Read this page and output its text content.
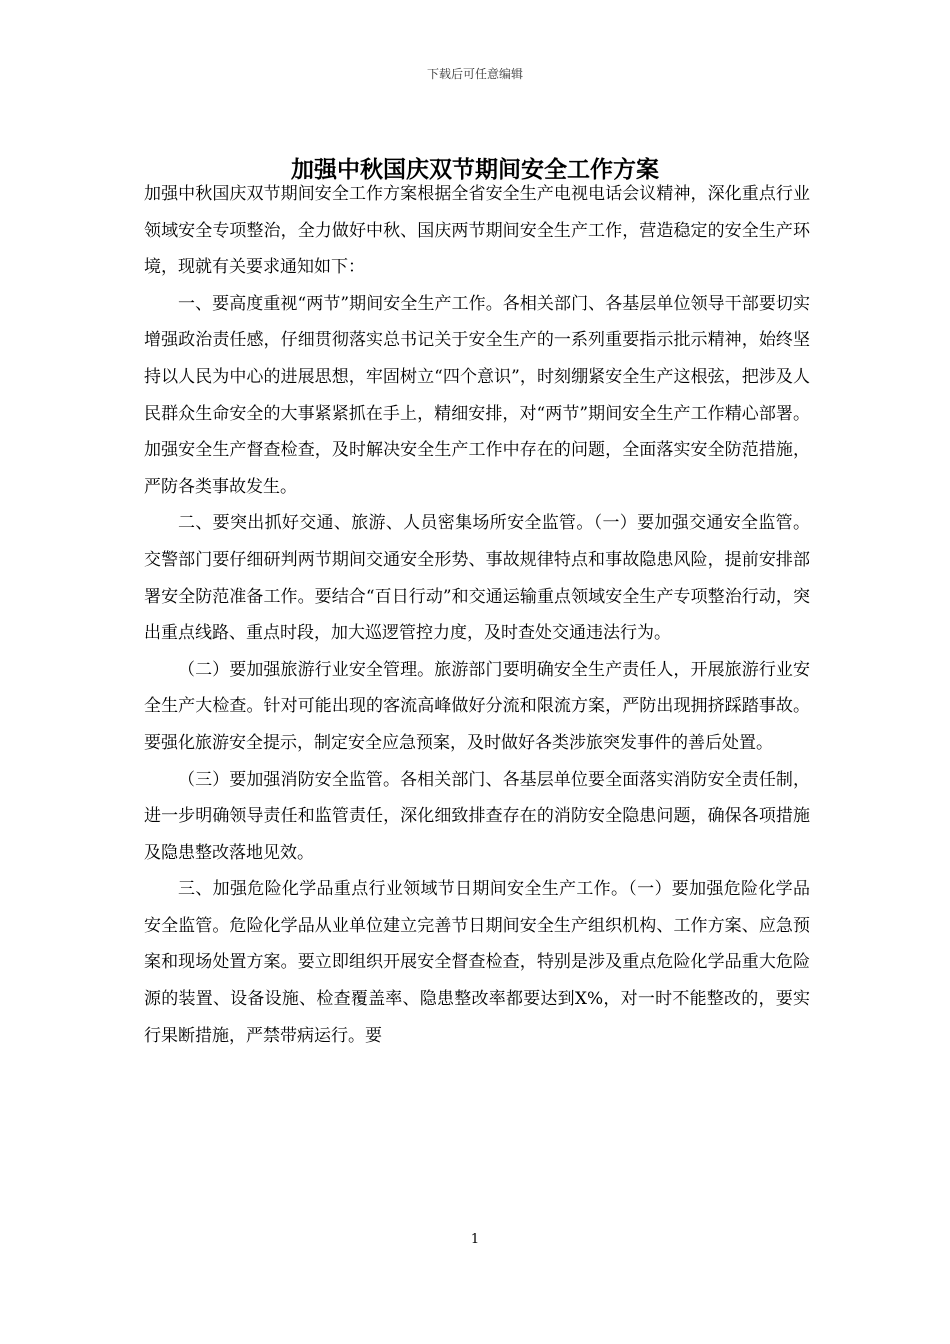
下载后可任意编辑
加强中秋国庆双节期间安全工作方案

加强中秋国庆双节期间安全工作方案根据全省安全生产电视电话会议精神，深化重点行业领域安全专项整治，全力做好中秋、国庆两节期间安全生产工作，营造稳定的安全生产环境，现就有关要求通知如下：

一、要高度重视“两节”期间安全生产工作。各相关部门、各基层单位领导干部要切实增强政治责任感，仔细贯彻落实总书记关于安全生产的一系列重要指示批示精神，始终坚持以人民为中心的进展思想，牢固树立“四个意识”，时刻绷紧安全生产这根弦，把涉及人民群众生命安全的大事紧紧抓在手上，精细安排，对“两节”期间安全生产工作精心部署。加强安全生产督查检查，及时解决安全生产工作中存在的问题，全面落实安全防范措施，严防各类事故发生。

二、要突出抓好交通、旅游、人员密集场所安全监管。（一）要加强交通安全监管。交警部门要仔细研判两节期间交通安全形势、事故规律特点和事故隐患风险，提前安排部署安全防范准备工作。要结合“百日行动”和交通运输重点领域安全生产专项整治行动，突出重点线路、重点时段，加大巡逻管控力度，及时查处交通违法行为。

（二）要加强旅游行业安全管理。旅游部门要明确安全生产责任人，开展旅游行业安全生产大检查。针对可能出现的客流高峰做好分流和限流方案，严防出现拥挤踩踏事故。要强化旅游安全提示，制定安全应急预案，及时做好各类涉旅突发事件的善后处置。

（三）要加强消防安全监管。各相关部门、各基层单位要全面落实消防安全责任制，进一步明确领导责任和监管责任，深化细致排查存在的消防安全隐患问题，确保各项措施及隐患整改落地见效。

三、加强危险化学品重点行业领域节日期间安全生产工作。（一）要加强危险化学品安全监管。危险化学品从业单位建立完善节日期间安全生产组织机构、工作方案、应急预案和现场处置方案。要立即组织开展安全督查检查，特别是涉及重点危险化学品重大危险源的装置、设备设施、检查覆盖率、隐患整改率都要达到X%，对一时不能整改的，要实行果断措施，严禁带病运行。要

1
